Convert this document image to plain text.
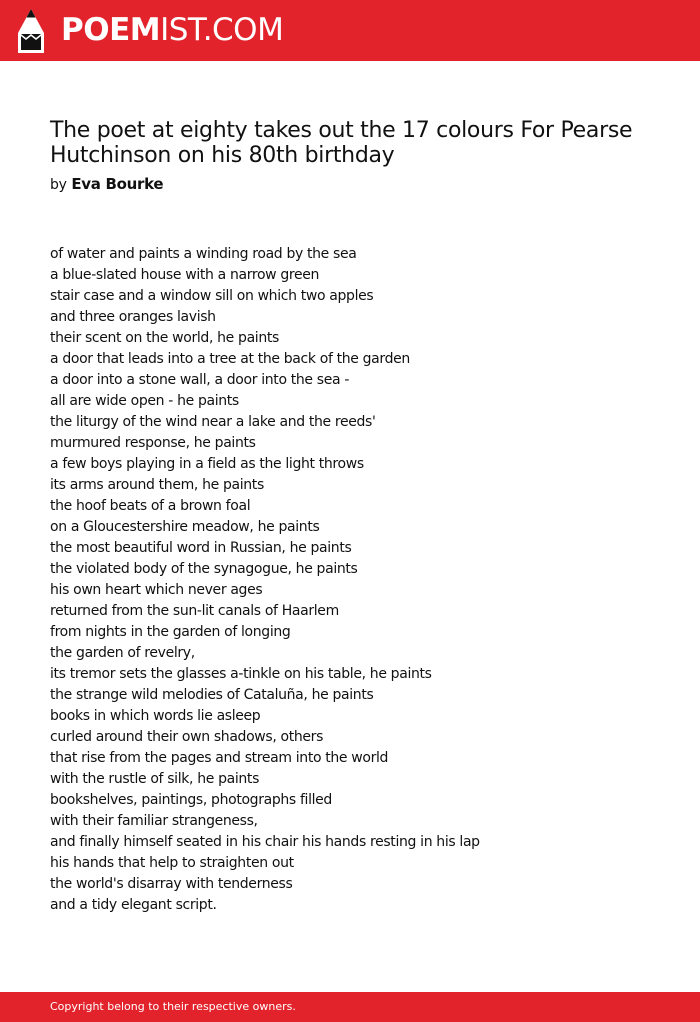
POEMIST.COM
The poet at eighty takes out the 17 colours For Pearse Hutchinson on his 80th birthday
by Eva Bourke
of water and paints a winding road by the sea
a blue-slated house with a narrow green
stair case and a window sill on which two apples
and three oranges lavish
their scent on the world, he paints
a door that leads into a tree at the back of the garden
a door into a stone wall, a door into the sea -
all are wide open - he paints
the liturgy of the wind near a lake and the reeds'
murmured response, he paints
a few boys playing in a field as the light throws
its arms around them, he paints
the hoof beats of a brown foal
on a Gloucestershire meadow, he paints
the most beautiful word in Russian, he paints
the violated body of the synagogue, he paints
his own heart which never ages
returned from the sun-lit canals of Haarlem
from nights in the garden of longing
the garden of revelry,
its tremor sets the glasses a-tinkle on his table, he paints
the strange wild melodies of Cataluña, he paints
books in which words lie asleep
curled around their own shadows, others
that rise from the pages and stream into the world
with the rustle of silk, he paints
bookshelves, paintings, photographs filled
with their familiar strangeness,
and finally himself seated in his chair his hands resting in his lap
his hands that help to straighten out
the world's disarray with tenderness
and a tidy elegant script.
Copyright belong to their respective owners.
